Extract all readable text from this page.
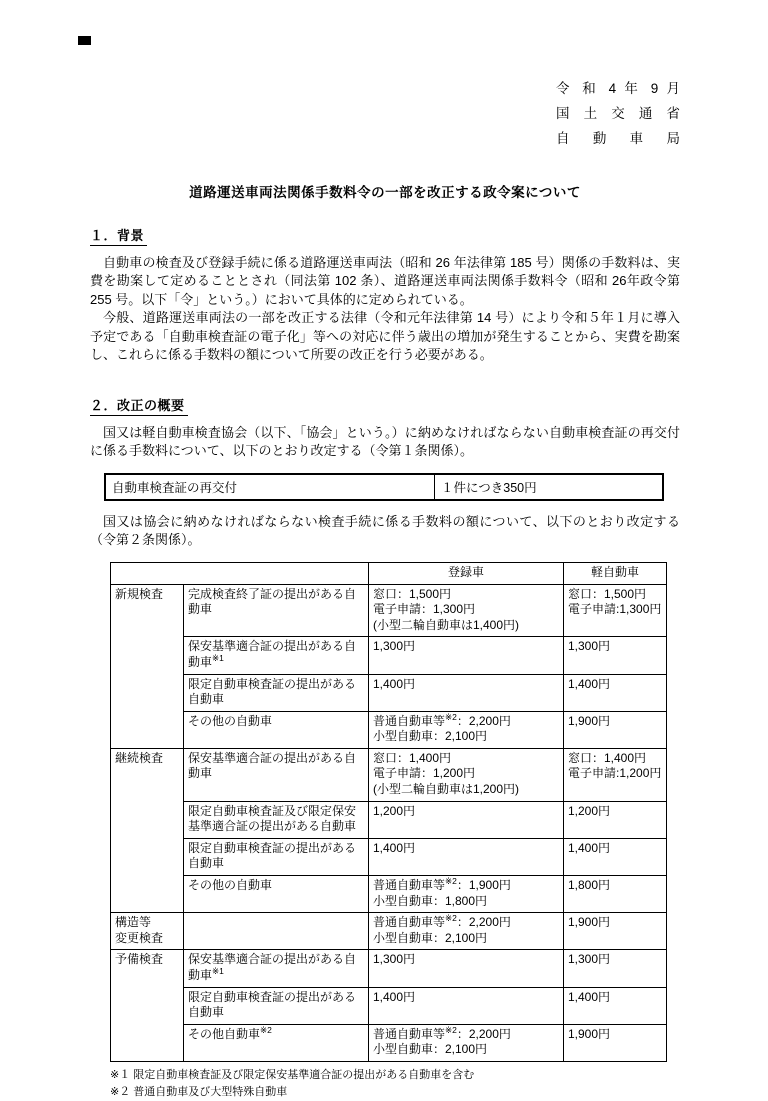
令 和 4 年 9 月
国 土 交 通 省
自 動 車 局
道路運送車両法関係手数料令の一部を改正する政令案について
１．背景

自動車の検査及び登録手続に係る道路運送車両法（昭和 26 年法律第 185 号）関係の手数料は、実費を勘案して定めることとされ（同法第 102 条）、道路運送車両法関係手数料令（昭和 26年政令第 255 号。以下「令」という。）において具体的に定められている。

今般、道路運送車両法の一部を改正する法律（令和元年法律第 14 号）により令和５年１月に導入予定である「自動車検査証の電子化」等への対応に伴う歳出の増加が発生することから、実費を勘案し、これらに係る手数料の額について所要の改正を行う必要がある。

２．改正の概要

国又は軽自動車検査協会（以下、「協会」という。）に納めなければならない自動車検査証の再交付に係る手数料について、以下のとおり改定する（令第１条関係）。

自動車検査証の再交付	１件につき350円

国又は協会に納めなければならない検査手続に係る手数料の額について、以下のとおり改定する（令第２条関係）。

		登録車	軽自動車
新規検査	完成検査終了証の提出がある自動車	窓口：1,500円
電子申請：1,300円
(小型二輪自動車は1,400円)	窓口：1,500円
電子申請:1,300円
	保安基準適合証の提出がある自動車$^{※1}$	1,300円	1,300円
	限定自動車検査証の提出がある自動車	1,400円	1,400円
	その他の自動車	普通自動車等$^{※2}$：2,200円
小型自動車：2,100円	1,900円
継続検査	保安基準適合証の提出がある自動車	窓口：1,400円
電子申請：1,200円
(小型二輪自動車は1,200円)	窓口：1,400円
電子申請:1,200円
	限定自動車検査証及び限定保安基準適合証の提出がある自動車	1,200円	1,200円
	限定自動車検査証の提出がある自動車	1,400円	1,400円
	その他の自動車	普通自動車等$^{※2}$：1,900円
小型自動車：1,800円	1,800円
構造等
変更検査		普通自動車等$^{※2}$：2,200円
小型自動車：2,100円	1,900円
予備検査	保安基準適合証の提出がある自動車$^{※1}$	1,300円	1,300円
	限定自動車検査証の提出がある自動車	1,400円	1,400円
	その他自動車$^{※2}$	普通自動車等$^{※2}$：2,200円
小型自動車：2,100円	1,900円
※１ 限定自動車検査証及び限定保安基準適合証の提出がある自動車を含む
※２ 普通自動車及び大型特殊自動車
